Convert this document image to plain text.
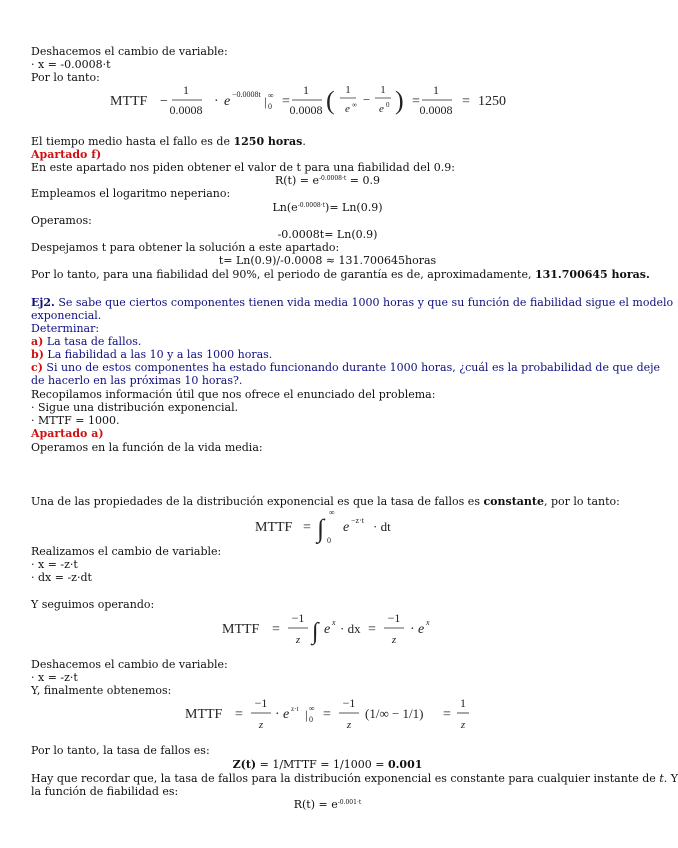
Deshacemos el cambio de variable:
· x = -0.0008·t
Por lo tanto:
MTTF −
1
0.0008
· e −0.0008t | ∞
0 =
1
0.0008 ( 1
e ∞ −
1
e 0 ) =
1
0.0008
= 1250
El tiempo medio hasta el fallo es de 1250 horas.
Apartado f)
En este apartado nos piden obtener el valor de t para una fiabilidad del 0.9:
$R(t) = e^{-0.0008\cdot t} = 0.9$
Empleamos el logaritmo neperiano:
$Ln(e^{-0.0008\cdot t})= Ln(0.9)$
Operamos:
-0.0008t= Ln(0.9)
Despejamos t para obtener la solución a este apartado:
t= Ln(0.9)/-0.0008 ≈ 131.700645horas
Por lo tanto, para una fiabilidad del 90%, el periodo de garantía es de, aproximadamente, 131.700645 horas.
Ej2. Se sabe que ciertos componentes tienen vida media 1000 horas y que su función de fiabilidad sigue el modelo
exponencial.
Determinar:
a) La tasa de fallos.
b) La fiabilidad a las 10 y a las 1000 horas.
c) Si uno de estos componentes ha estado funcionando durante 1000 horas, ¿cuál es la probabilidad de que deje
de hacerlo en las próximas 10 horas?.
Recopilamos información útil que nos ofrece el enunciado del problema:
· Sigue una distribución exponencial.
· MTTF = 1000.
Apartado a)
Operamos en la función de la vida media:
Una de las propiedades de la distribución exponencial es que la tasa de fallos es constante, por lo tanto:
MTTF = ∫
∞
0
e −z·t · dt
Realizamos el cambio de variable:
· x = -z·t
· dx = -z·dt
Y seguimos operando:
MTTF =
−1
z ∫ e x · dx =
−1
z
· e x
Deshacemos el cambio de variable:
· x = -z·t
Y, finalmente obtenemos:
MTTF =
−1
z
· e z·t | ∞
0 =
−1
z
(1/∞ − 1/1) =
1
z
Por lo tanto, la tasa de fallos es:
Z(t) = 1/MTTF = 1/1000 = 0.001
Hay que recordar que, la tasa de fallos para la distribución exponencial es constante para cualquier instante de t. Y
la función de fiabilidad es:
$R(t) = e^{-0.001\cdot t}$
